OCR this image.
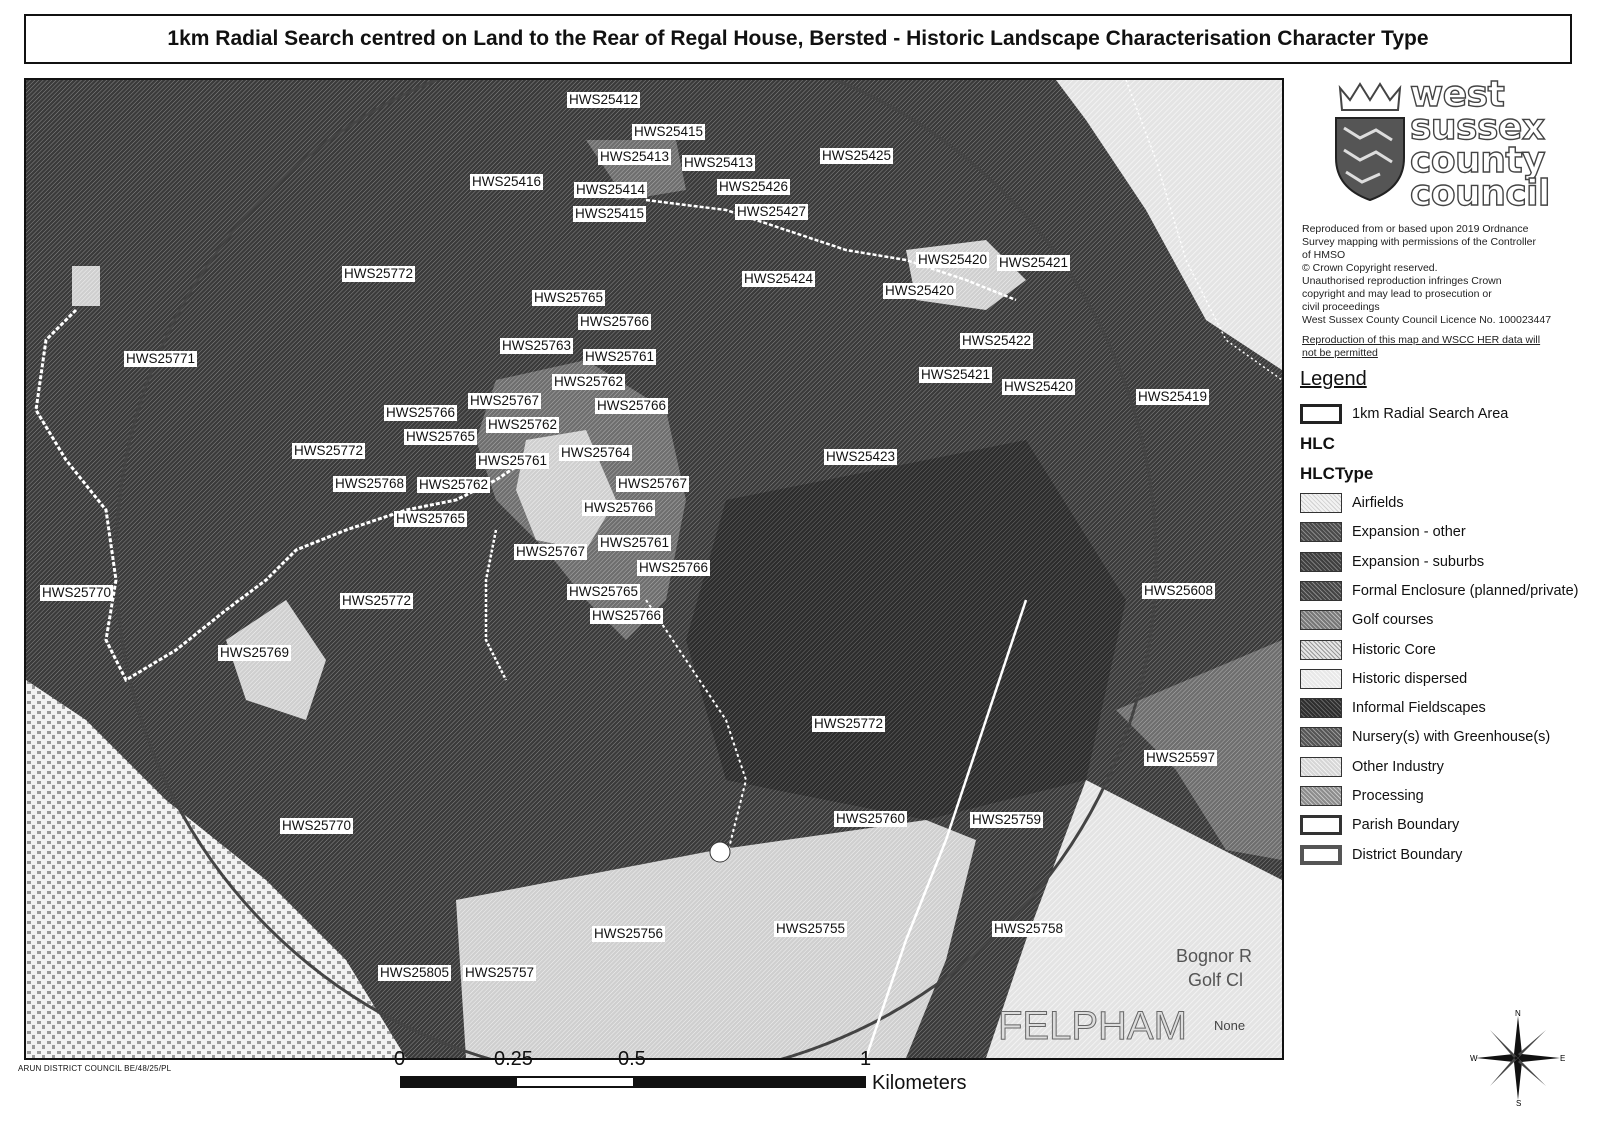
1km Radial Search centred on Land to the Rear of Regal House, Bersted - Historic Landscape Characterisation Character Type
HWS25412
HWS25415
HWS25413 HWS25413	HWS25425
HWS25416
HWS25414	HWS25426
HWS25415	HWS25427
HWS25420 HWS25421
HWS25772	HWS25424
HWS25420
HWS25765
HWS25766
HWS25422
HWS25763
HWS25761
HWS25771
HWS25421
HWS25762	HWS25420
HWS25419
HWS25767	HWS25766
HWS25766
HWS25762
HWS25765
HWS25772	HWS25764	HWS25423
HWS25761
HWS25768 HWS25762	HWS25767
HWS25766
HWS25765
HWS25761
HWS25767
HWS25766
HWS25608
HWS25765
HWS25770
HWS25772
HWS25766
HWS25769
HWS25772
HWS25597
HWS25770	HWS25760	HWS25759
HWS25756	HWS25755	HWS25758
HWS25805 HWS25757
Bognor R
Golf Cl
FELPHAM None
west
sussex
county
council
Reproduced from or based upon 2019 Ordnance
Survey mapping with permissions of the Controller
of HMSO
© Crown Copyright reserved.
Unauthorised reproduction infringes Crown
copyright and may lead to prosecution or
civil proceedings
West Sussex County Council Licence No. 100023447
Reproduction of this map and WSCC HER data will
not be permitted
Legend
1km Radial Search Area
HLC
HLCType
Airfields
Expansion - other
Expansion - suburbs
Formal Enclosure (planned/private)
Golf courses
Historic Core
Historic dispersed
Informal Fieldscapes
Nursery(s) with Greenhouse(s)
Other Industry
Processing
Parish Boundary
District Boundary
N
E
S
W
ARUN DISTRICT COUNCIL BE/48/25/PL	0	0.25	0.5	1
Kilometers
